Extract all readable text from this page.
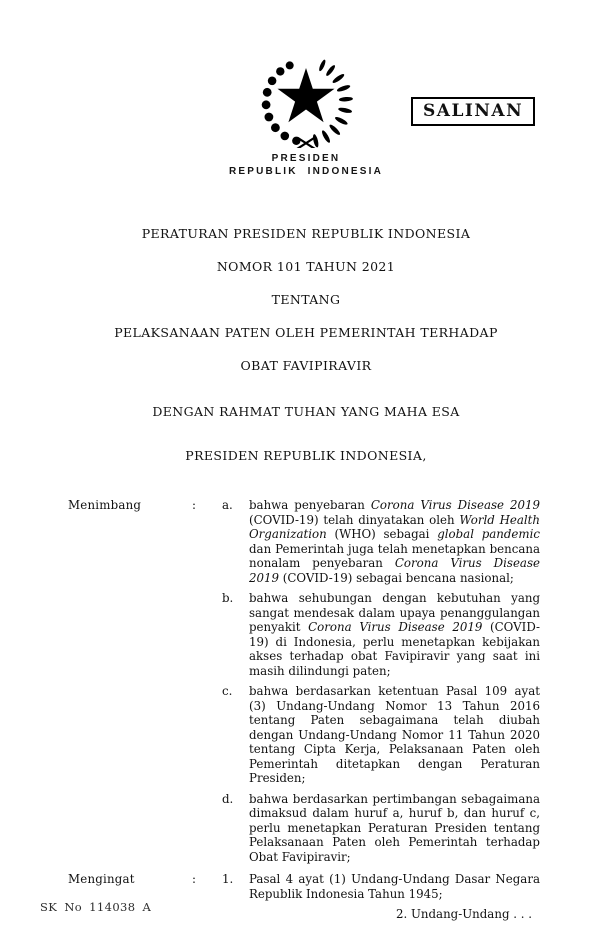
PRESIDEN
REPUBLIK INDONESIA
SALINAN
PERATURAN PRESIDEN REPUBLIK INDONESIA
NOMOR 101 TAHUN 2021
TENTANG
PELAKSANAAN PATEN OLEH PEMERINTAH TERHADAP
OBAT FAVIPIRAVIR
DENGAN RAHMAT TUHAN YANG MAHA ESA
PRESIDEN REPUBLIK INDONESIA,
Menimbang	:	a.	bahwa penyebaran Corona Virus Disease 2019 (COVID-19) telah dinyatakan oleh World Health Organization (WHO) sebagai global pandemic dan Pemerintah juga telah menetapkan bencana nonalam penyebaran Corona Virus Disease 2019 (COVID-19) sebagai bencana nasional;
b.	bahwa sehubungan dengan kebutuhan yang sangat mendesak dalam upaya penanggulangan penyakit Corona Virus Disease 2019 (COVID-19) di Indonesia, perlu menetapkan kebijakan akses terhadap obat Favipiravir yang saat ini masih dilindungi paten;
c.	bahwa berdasarkan ketentuan Pasal 109 ayat (3) Undang-Undang Nomor 13 Tahun 2016 tentang Paten sebagaimana telah diubah dengan Undang-Undang Nomor 11 Tahun 2020 tentang Cipta Kerja, Pelaksanaan Paten oleh Pemerintah ditetapkan dengan Peraturan Presiden;
d.	bahwa berdasarkan pertimbangan sebagaimana dimaksud dalam huruf a, huruf b, dan huruf c, perlu menetapkan Peraturan Presiden tentang Pelaksanaan Paten oleh Pemerintah terhadap Obat Favipiravir;
Mengingat	:	1.	Pasal 4 ayat (1) Undang-Undang Dasar Negara Republik Indonesia Tahun 1945;
2. Undang-Undang . . .
SK No 114038 A
